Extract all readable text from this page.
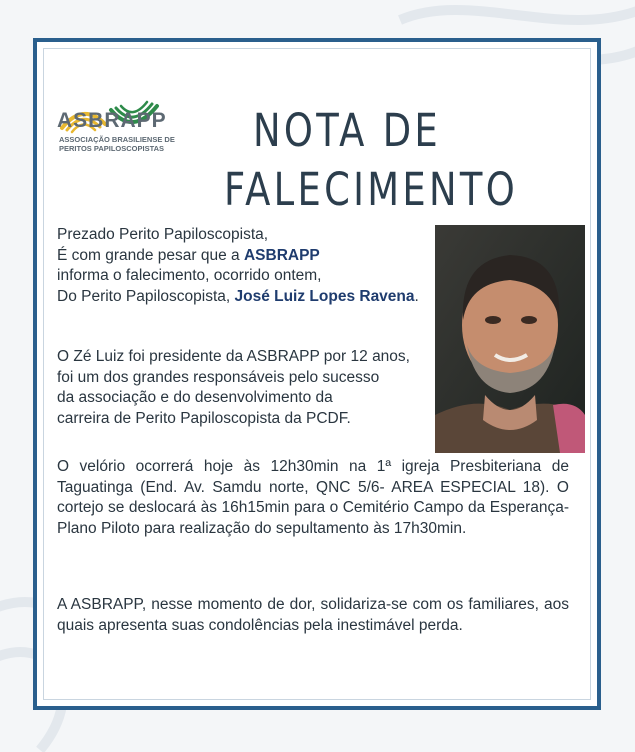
ASBRAPP
ASSOCIAÇÃO BRASILIENSE DE
PERITOS PAPILOSCOPISTAS	NOTA DE
FALECIMENTO
Prezado Perito Papiloscopista,
É com grande pesar que a ASBRAPP
informa o falecimento, ocorrido ontem,
Do Perito Papiloscopista, José Luiz Lopes Ravena.
O Zé Luiz foi presidente da ASBRAPP por 12 anos,
foi um dos grandes responsáveis pelo sucesso
da associação e do desenvolvimento da
carreira de Perito Papiloscopista da PCDF.
O velório ocorrerá hoje às 12h30min na 1ª igreja Presbiteriana de Taguatinga (End. Av. Samdu norte, QNC 5/6- AREA ESPECIAL 18). O cortejo se deslocará às 16h15min para o Cemitério Campo da Esperança-Plano Piloto para realização do sepultamento às 17h30min.
A ASBRAPP, nesse momento de dor, solidariza-se com os familiares, aos quais apresenta suas condolências pela inestimável perda.
